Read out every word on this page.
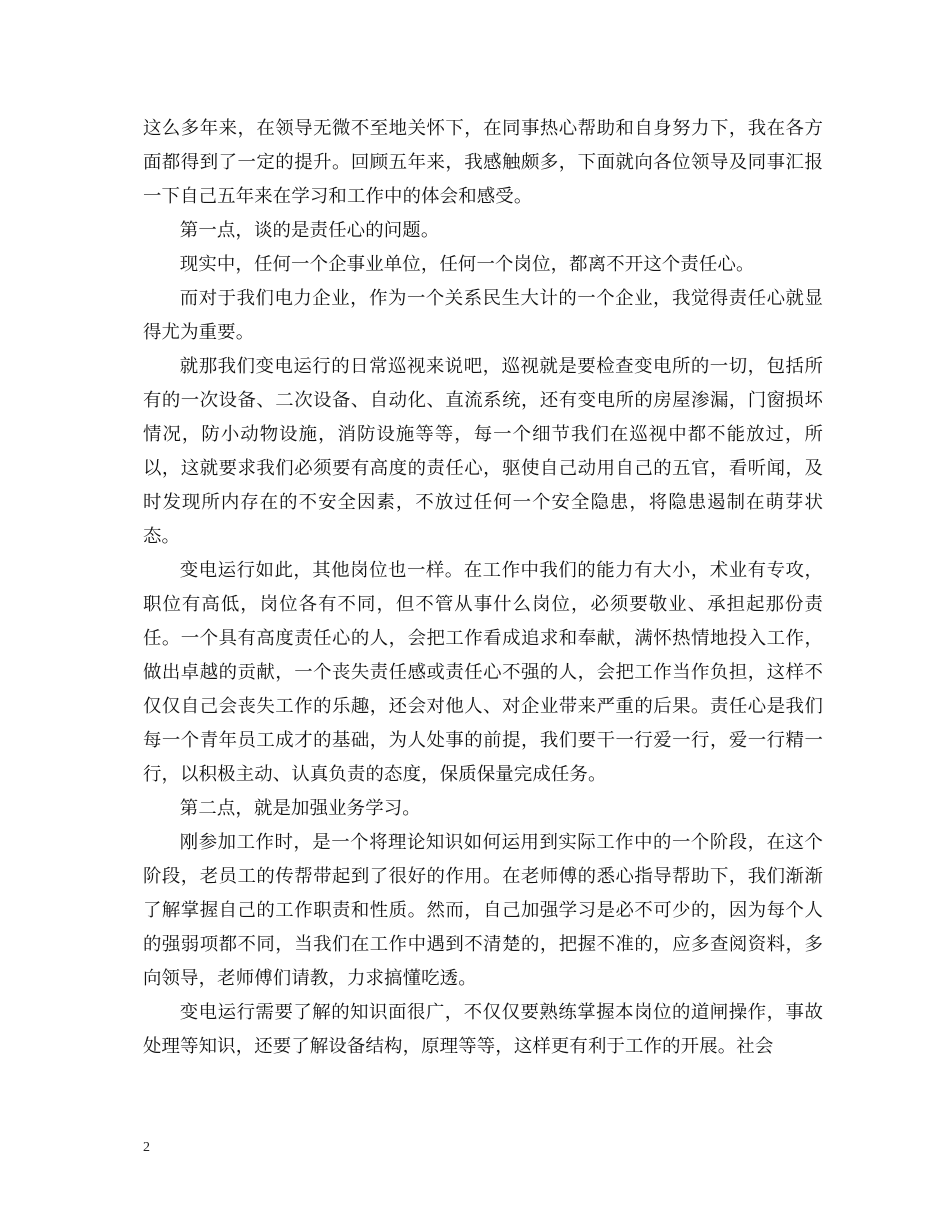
这么多年来，在领导无微不至地关怀下，在同事热心帮助和自身努力下，我在各方面都得到了一定的提升。回顾五年来，我感触颇多，下面就向各位领导及同事汇报一下自己五年来在学习和工作中的体会和感受。

第一点，谈的是责任心的问题。

现实中，任何一个企事业单位，任何一个岗位，都离不开这个责任心。

而对于我们电力企业，作为一个关系民生大计的一个企业，我觉得责任心就显得尤为重要。

就那我们变电运行的日常巡视来说吧，巡视就是要检查变电所的一切，包括所有的一次设备、二次设备、自动化、直流系统，还有变电所的房屋渗漏，门窗损坏情况，防小动物设施，消防设施等等，每一个细节我们在巡视中都不能放过，所以，这就要求我们必须要有高度的责任心，驱使自己动用自己的五官，看听闻，及时发现所内存在的不安全因素，不放过任何一个安全隐患，将隐患遏制在萌芽状态。

变电运行如此，其他岗位也一样。在工作中我们的能力有大小，术业有专攻，职位有高低，岗位各有不同，但不管从事什么岗位，必须要敬业、承担起那份责任。一个具有高度责任心的人，会把工作看成追求和奉献，满怀热情地投入工作，做出卓越的贡献，一个丧失责任感或责任心不强的人，会把工作当作负担，这样不仅仅自己会丧失工作的乐趣，还会对他人、对企业带来严重的后果。责任心是我们每一个青年员工成才的基础，为人处事的前提，我们要干一行爱一行，爱一行精一行，以积极主动、认真负责的态度，保质保量完成任务。

第二点，就是加强业务学习。

刚参加工作时，是一个将理论知识如何运用到实际工作中的一个阶段，在这个阶段，老员工的传帮带起到了很好的作用。在老师傅的悉心指导帮助下，我们渐渐了解掌握自己的工作职责和性质。然而，自己加强学习是必不可少的，因为每个人的强弱项都不同，当我们在工作中遇到不清楚的，把握不准的，应多查阅资料，多向领导，老师傅们请教，力求搞懂吃透。

变电运行需要了解的知识面很广，不仅仅要熟练掌握本岗位的道闸操作，事故处理等知识，还要了解设备结构，原理等等，这样更有利于工作的开展。社会

2
